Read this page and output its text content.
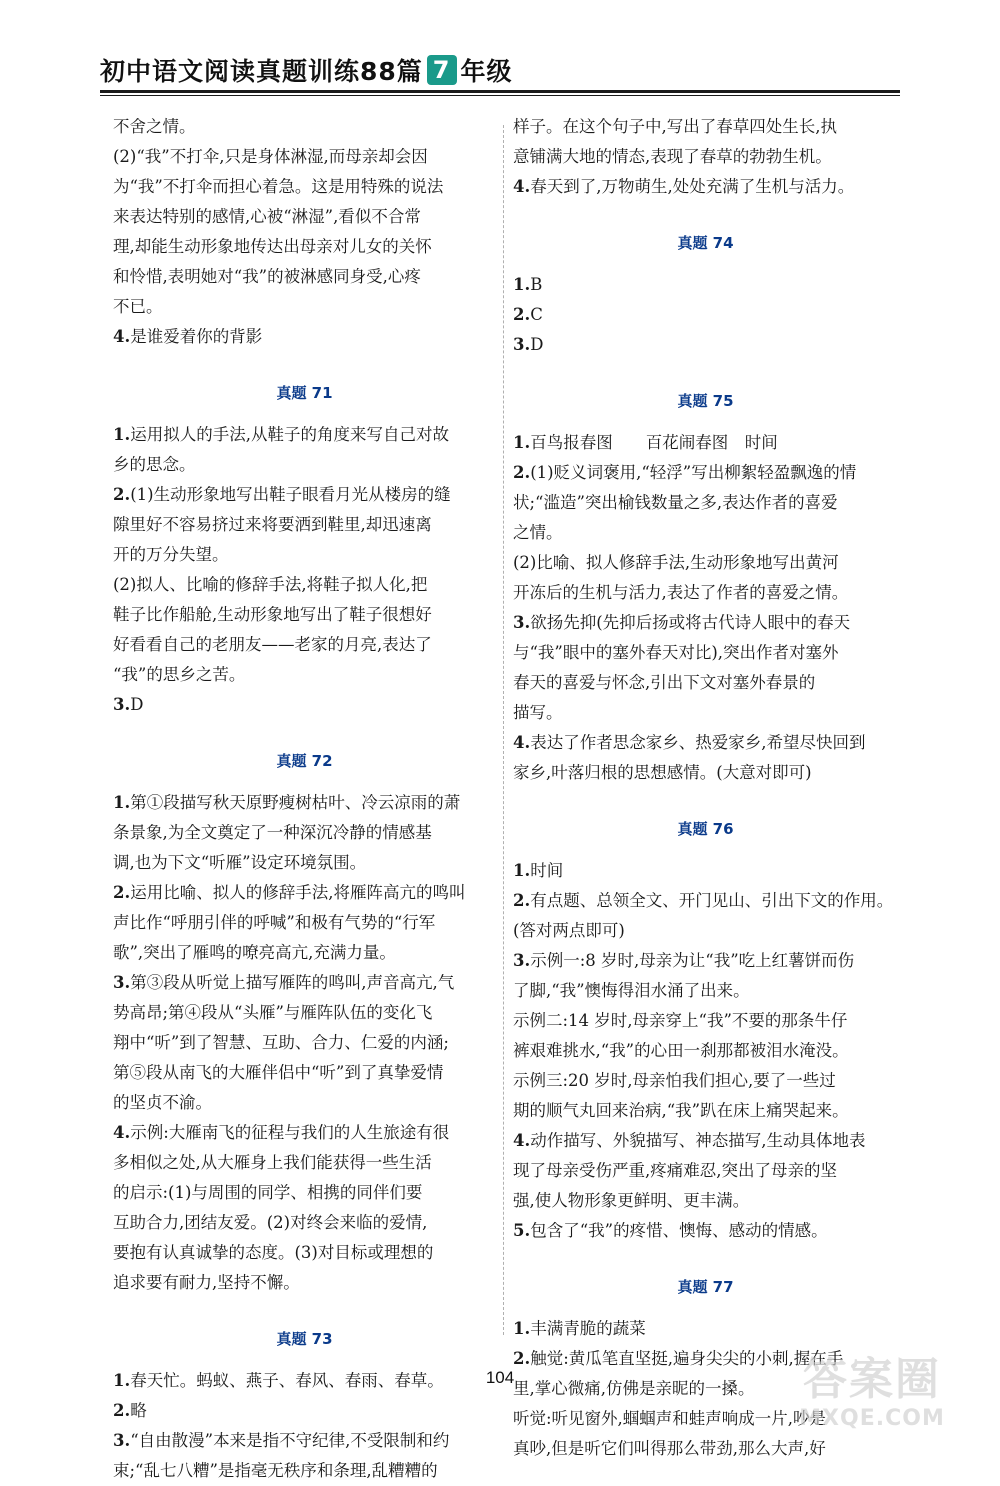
初中语文阅读真题训练88篇 7 年级
不舍之情。
(2)“我”不打伞,只是身体淋湿,而母亲却会因
为“我”不打伞而担心着急。这是用特殊的说法
来表达特别的感情,心被“淋湿”,看似不合常
理,却能生动形象地传达出母亲对儿女的关怀
和怜惜,表明她对“我”的被淋感同身受,心疼
不已。
4.是谁爱着你的背影
真题 71
1.运用拟人的手法,从鞋子的角度来写自己对故
乡的思念。
2.(1)生动形象地写出鞋子眼看月光从楼房的缝
隙里好不容易挤过来将要洒到鞋里,却迅速离
开的万分失望。
(2)拟人、比喻的修辞手法,将鞋子拟人化,把
鞋子比作船舱,生动形象地写出了鞋子很想好
好看看自己的老朋友——老家的月亮,表达了
“我”的思乡之苦。
3.D
真题 72
1.第①段描写秋天原野瘦树枯叶、冷云凉雨的萧
条景象,为全文奠定了一种深沉冷静的情感基
调,也为下文“听雁”设定环境氛围。
2.运用比喻、拟人的修辞手法,将雁阵高亢的鸣叫
声比作“呼朋引伴的呼喊”和极有气势的“行军
歌”,突出了雁鸣的嘹亮高亢,充满力量。
3.第③段从听觉上描写雁阵的鸣叫,声音高亢,气
势高昂;第④段从“头雁”与雁阵队伍的变化飞
翔中“听”到了智慧、互助、合力、仁爱的内涵;
第⑤段从南飞的大雁伴侣中“听”到了真挚爱情
的坚贞不渝。
4.示例:大雁南飞的征程与我们的人生旅途有很
多相似之处,从大雁身上我们能获得一些生活
的启示:(1)与周围的同学、相携的同伴们要
互助合力,团结友爱。(2)对终会来临的爱情,
要抱有认真诚挚的态度。(3)对目标或理想的
追求要有耐力,坚持不懈。
真题 73
1.春天忙。蚂蚁、燕子、春风、春雨、春草。
2.略
3.“自由散漫”本来是指不守纪律,不受限制和约
束;“乱七八糟”是指毫无秩序和条理,乱糟糟的
样子。在这个句子中,写出了春草四处生长,执
意铺满大地的情态,表现了春草的勃勃生机。
4.春天到了,万物萌生,处处充满了生机与活力。
真题 74
1.B
2.C
3.D
真题 75
1.百鸟报春图　　百花闹春图　时间
2.(1)贬义词褒用,“轻浮”写出柳絮轻盈飘逸的情
状;“滥造”突出榆钱数量之多,表达作者的喜爱
之情。
(2)比喻、拟人修辞手法,生动形象地写出黄河
开冻后的生机与活力,表达了作者的喜爱之情。
3.欲扬先抑(先抑后扬或将古代诗人眼中的春天
与“我”眼中的塞外春天对比),突出作者对塞外
春天的喜爱与怀念,引出下文对塞外春景的
描写。
4.表达了作者思念家乡、热爱家乡,希望尽快回到
家乡,叶落归根的思想感情。(大意对即可)
真题 76
1.时间
2.有点题、总领全文、开门见山、引出下文的作用。
(答对两点即可)
3.示例一:8 岁时,母亲为让“我”吃上红薯饼而伤
了脚,“我”懊悔得泪水涌了出来。
示例二:14 岁时,母亲穿上“我”不要的那条牛仔
裤艰难挑水,“我”的心田一刹那都被泪水淹没。
示例三:20 岁时,母亲怕我们担心,要了一些过
期的顺气丸回来治病,“我”趴在床上痛哭起来。
4.动作描写、外貌描写、神态描写,生动具体地表
现了母亲受伤严重,疼痛难忍,突出了母亲的坚
强,使人物形象更鲜明、更丰满。
5.包含了“我”的疼惜、懊悔、感动的情感。
真题 77
1.丰满青脆的蔬菜
2.触觉:黄瓜笔直坚挺,遍身尖尖的小刺,握在手
里,掌心微痛,仿佛是亲昵的一搡。
听觉:听见窗外,蝈蝈声和蛙声响成一片,吵是
真吵,但是听它们叫得那么带劲,那么大声,好
104	答案圈
MXQE.COM
